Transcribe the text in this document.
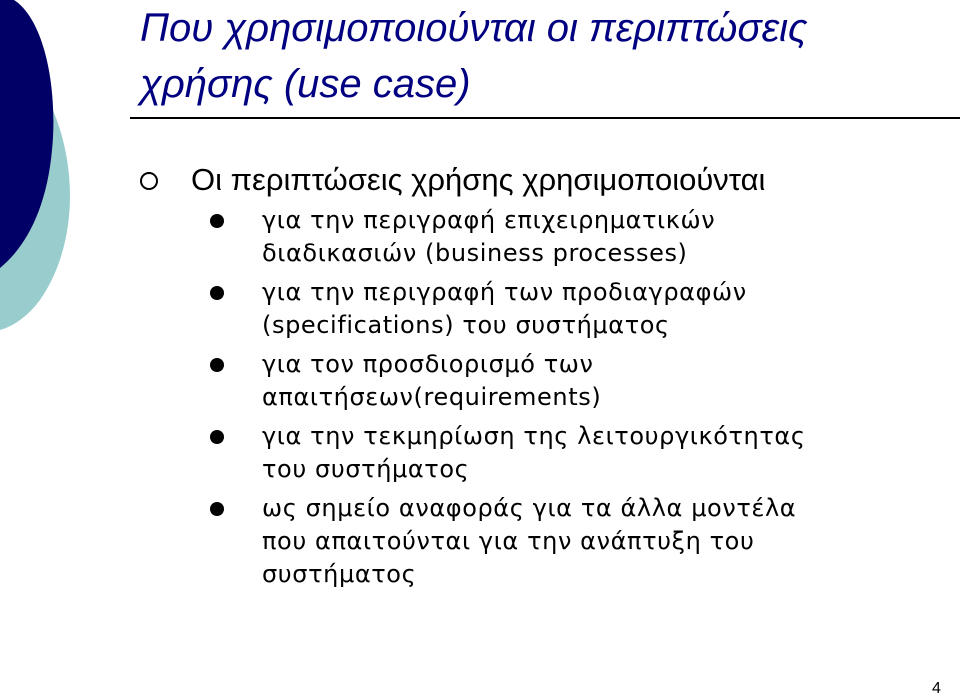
Που χρησιμοποιούνται οι περιπτώσεις
χρήσης (use case)
Οι περιπτώσεις χρήσης χρησιμοποιούνται
για την περιγραφή επιχειρηματικών
διαδικασιών (business processes)
για την περιγραφή των προδιαγραφών
(specifications) του συστήματος
για τον προσδιορισμό των
απαιτήσεων(requirements)
για την τεκμηρίωση της λειτουργικότητας
του συστήματος
ως σημείο αναφοράς για τα άλλα μοντέλα
που απαιτούνται για την ανάπτυξη του
συστήματος
4
